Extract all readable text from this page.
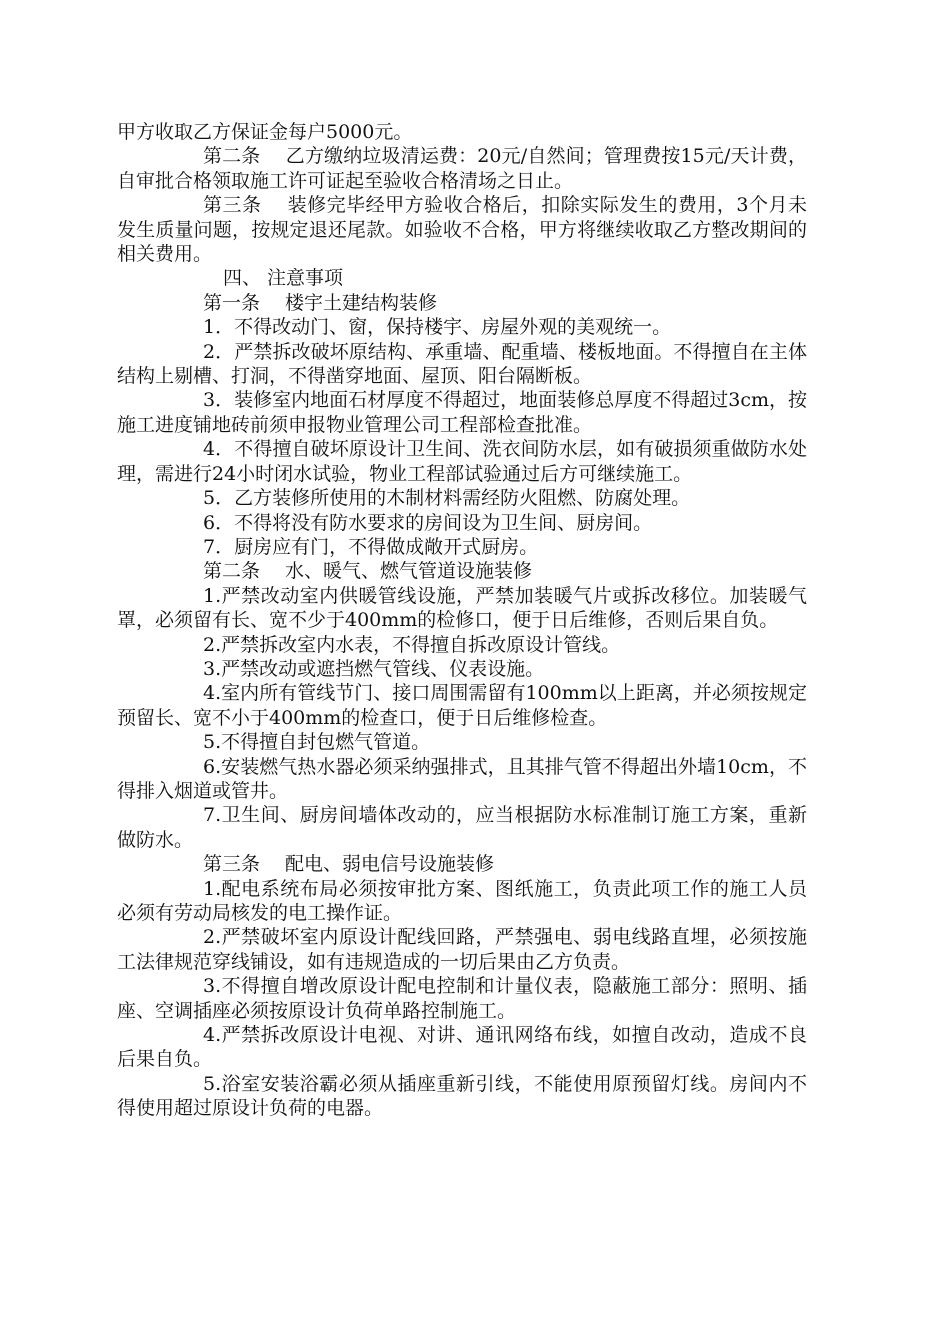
甲方收取乙方保证金每户5000元。

第二条　 乙方缴纳垃圾清运费：20元/自然间；管理费按15元/天计费，自审批合格领取施工许可证起至验收合格清场之日止。

第三条　 装修完毕经甲方验收合格后，扣除实际发生的费用，3个月未发生质量问题，按规定退还尾款。如验收不合格，甲方将继续收取乙方整改期间的相关费用。

四、 注意事项

第一条　 楼宇土建结构装修

1．不得改动门、窗，保持楼宇、房屋外观的美观统一。

2．严禁拆改破坏原结构、承重墙、配重墙、楼板地面。不得擅自在主体结构上剔槽、打洞，不得凿穿地面、屋顶、阳台隔断板。

3．装修室内地面石材厚度不得超过，地面装修总厚度不得超过3cm，按施工进度铺地砖前须申报物业管理公司工程部检查批准。

4．不得擅自破坏原设计卫生间、洗衣间防水层，如有破损须重做防水处理，需进行24小时闭水试验，物业工程部试验通过后方可继续施工。

5．乙方装修所使用的木制材料需经防火阻燃、防腐处理。

6．不得将没有防水要求的房间设为卫生间、厨房间。

7．厨房应有门，不得做成敞开式厨房。

第二条　 水、暖气、燃气管道设施装修

1.严禁改动室内供暖管线设施，严禁加装暖气片或拆改移位。加装暖气罩，必须留有长、宽不少于400mm的检修口，便于日后维修，否则后果自负。

2.严禁拆改室内水表，不得擅自拆改原设计管线。

3.严禁改动或遮挡燃气管线、仪表设施。

4.室内所有管线节门、接口周围需留有100mm以上距离，并必须按规定预留长、宽不小于400mm的检查口，便于日后维修检查。

5.不得擅自封包燃气管道。

6.安装燃气热水器必须采纳强排式，且其排气管不得超出外墙10cm，不得排入烟道或管井。

7.卫生间、厨房间墙体改动的，应当根据防水标准制订施工方案，重新做防水。

第三条　 配电、弱电信号设施装修

1.配电系统布局必须按审批方案、图纸施工，负责此项工作的施工人员必须有劳动局核发的电工操作证。

2.严禁破坏室内原设计配线回路，严禁强电、弱电线路直埋，必须按施工法律规范穿线铺设，如有违规造成的一切后果由乙方负责。

3.不得擅自增改原设计配电控制和计量仪表，隐蔽施工部分：照明、插座、空调插座必须按原设计负荷单路控制施工。

4.严禁拆改原设计电视、对讲、通讯网络布线，如擅自改动，造成不良后果自负。

5.浴室安装浴霸必须从插座重新引线，不能使用原预留灯线。房间内不得使用超过原设计负荷的电器。
